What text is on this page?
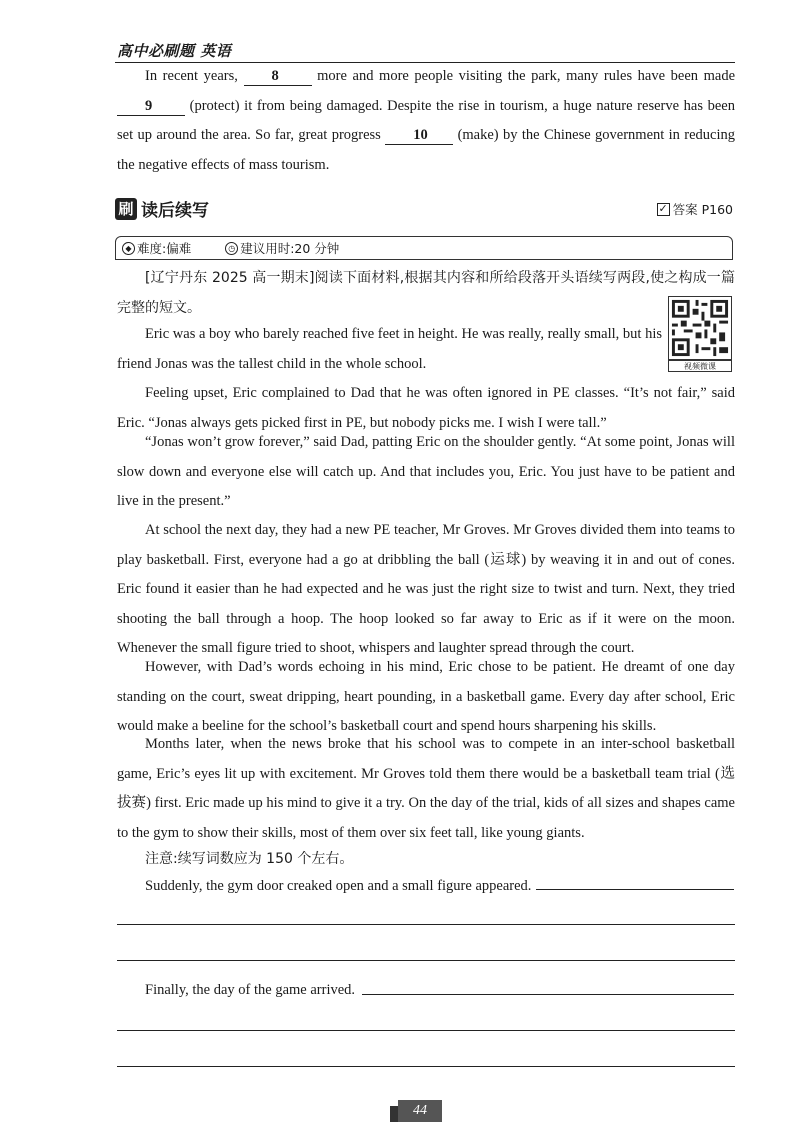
高中必刷题 英语

In recent years, 8	more and more people visiting the park, many rules have been made 9	(protect) it from being damaged. Despite the rise in tourism, a huge nature reserve has been set up around the area. So far, great progress 10 (make) by the Chinese government in reducing the negative effects of mass tourism.

刷 读后续写	✓ 答案 P160
◆ 难度:偏难	◷ 建议用时:20 分钟

[辽宁丹东 2025 高一期末]阅读下面材料,根据其内容和所给段落开头语续写两段,使之构成一篇完整的短文。

视频微课

Eric was a boy who barely reached five feet in height. He was really, really small, but his friend Jonas was the tallest child in the whole school.

Feeling upset, Eric complained to Dad that he was often ignored in PE classes. “It’s not fair,” said Eric. “Jonas always gets picked first in PE, but nobody picks me. I wish I were tall.”

“Jonas won’t grow forever,” said Dad, patting Eric on the shoulder gently. “At some point, Jonas will slow down and everyone else will catch up. And that includes you, Eric. You just have to be patient and live in the present.”

At school the next day, they had a new PE teacher, Mr Groves. Mr Groves divided them into teams to play basketball. First, everyone had a go at dribbling the ball (运球) by weaving it in and out of cones. Eric found it easier than he had expected and he was just the right size to twist and turn. Next, they tried shooting the ball through a hoop. The hoop looked so far away to Eric as if it were on the moon. Whenever the small figure tried to shoot, whispers and laughter spread through the court.

However, with Dad’s words echoing in his mind, Eric chose to be patient. He dreamt of one day standing on the court, sweat dripping, heart pounding, in a basketball game. Every day after school, Eric would make a beeline for the school’s basketball court and spend hours sharpening his skills.

Months later, when the news broke that his school was to compete in an inter-school basketball game, Eric’s eyes lit up with excitement. Mr Groves told them there would be a basketball team trial (选拔赛) first. Eric made up his mind to give it a try. On the day of the trial, kids of all sizes and shapes came to the gym to show their skills, most of them over six feet tall, like young giants.

注意:续写词数应为 150 个左右。

Suddenly, the gym door creaked open and a small figure appeared.

Finally, the day of the game arrived.

44
